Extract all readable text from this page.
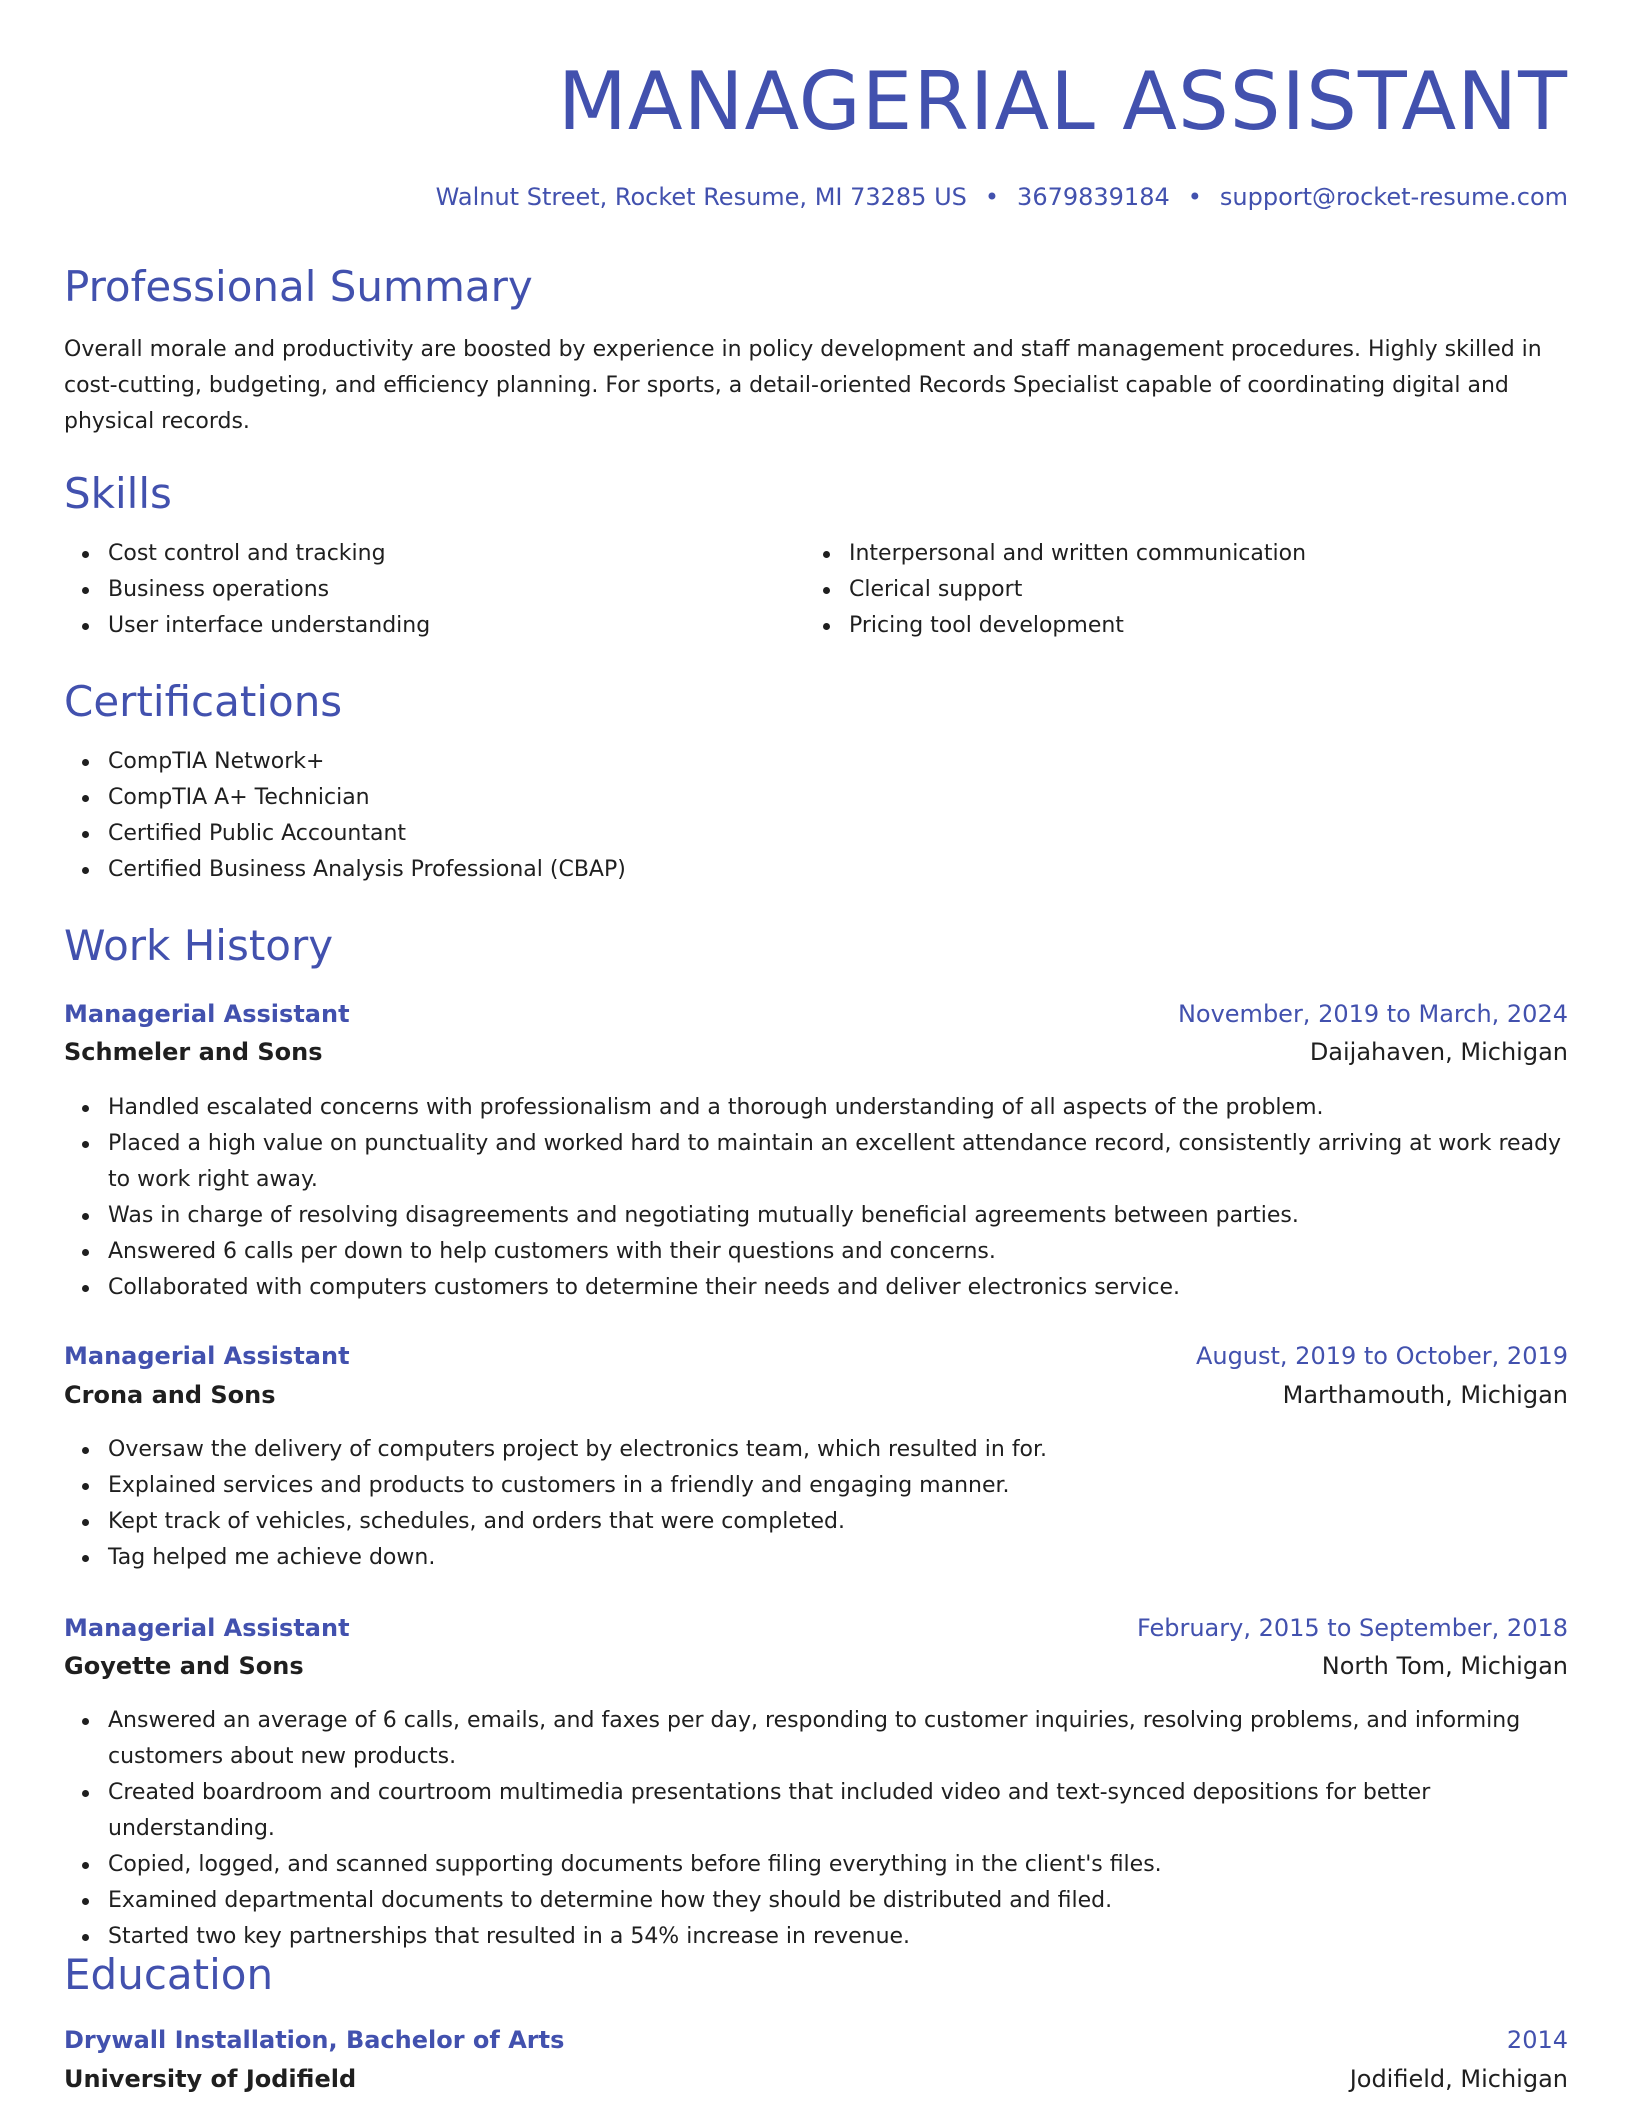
MANAGERIAL ASSISTANT
Walnut Street, Rocket Resume, MI 73285 US • 3679839184 • support@rocket-resume.com
Professional Summary

Overall morale and productivity are boosted by experience in policy development and staff management procedures. Highly skilled in cost-cutting, budgeting, and efficiency planning. For sports, a detail-oriented Records Specialist capable of coordinating digital and physical records.

Skills
Cost control and tracking
Business operations
User interface understanding
Interpersonal and written communication
Clerical support
Pricing tool development
Certifications
CompTIA Network+
CompTIA A+ Technician
Certified Public Accountant
Certified Business Analysis Professional (CBAP)
Work History
Managerial Assistant	November, 2019 to March, 2024
Schmeler and Sons	Daijahaven, Michigan
Handled escalated concerns with professionalism and a thorough understanding of all aspects of the problem.
Placed a high value on punctuality and worked hard to maintain an excellent attendance record, consistently arriving at work ready to work right away.
Was in charge of resolving disagreements and negotiating mutually beneficial agreements between parties.
Answered 6 calls per down to help customers with their questions and concerns.
Collaborated with computers customers to determine their needs and deliver electronics service.
Managerial Assistant	August, 2019 to October, 2019
Crona and Sons	Marthamouth, Michigan
Oversaw the delivery of computers project by electronics team, which resulted in for.
Explained services and products to customers in a friendly and engaging manner.
Kept track of vehicles, schedules, and orders that were completed.
Tag helped me achieve down.
Managerial Assistant	February, 2015 to September, 2018
Goyette and Sons	North Tom, Michigan
Answered an average of 6 calls, emails, and faxes per day, responding to customer inquiries, resolving problems, and informing customers about new products.
Created boardroom and courtroom multimedia presentations that included video and text-synced depositions for better understanding.
Copied, logged, and scanned supporting documents before filing everything in the client's files.
Examined departmental documents to determine how they should be distributed and filed.
Started two key partnerships that resulted in a 54% increase in revenue.
Education
Drywall Installation, Bachelor of Arts	2014
University of Jodifield	Jodifield, Michigan
